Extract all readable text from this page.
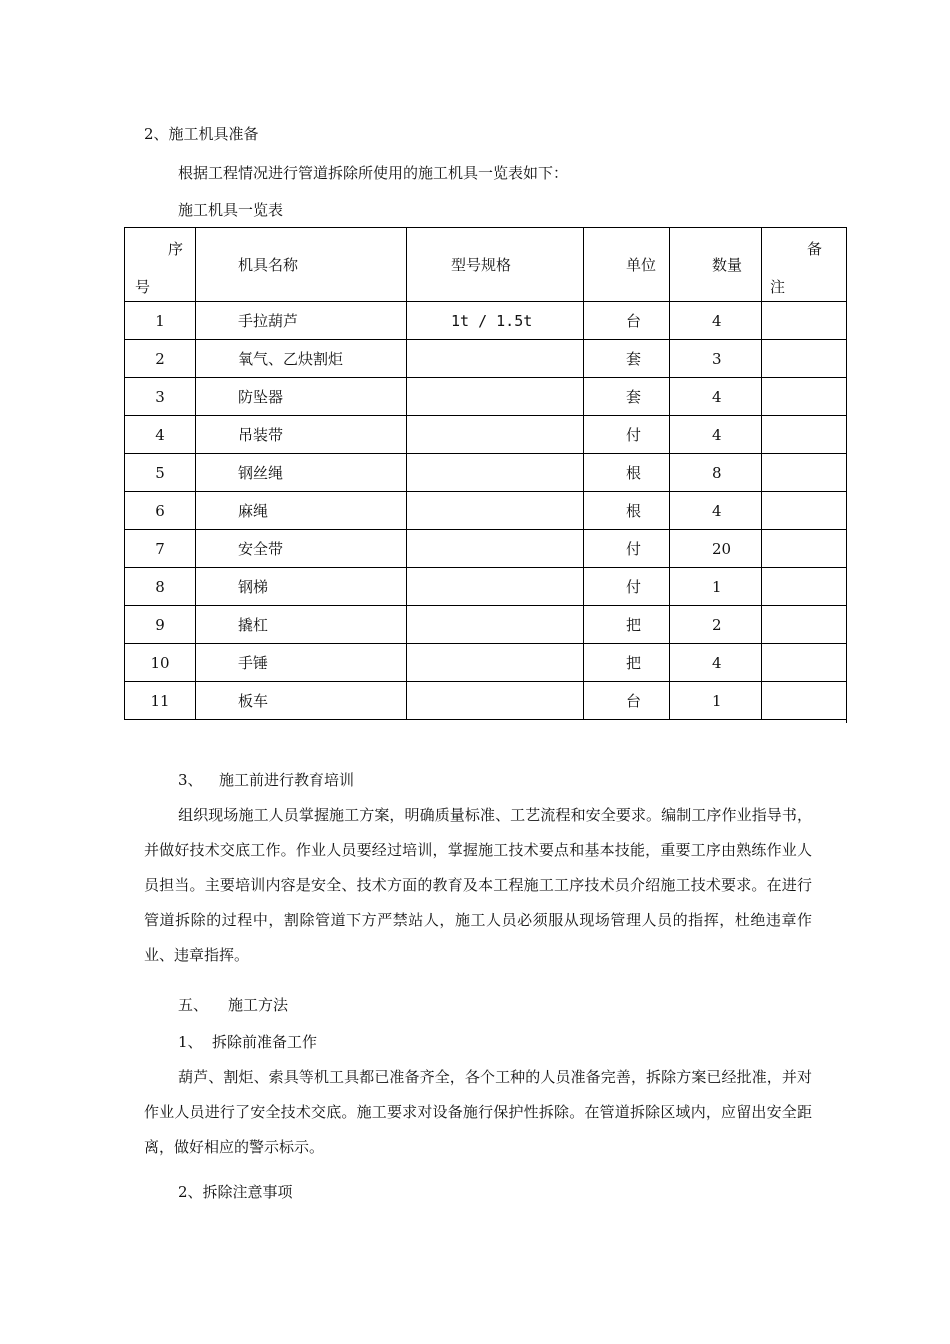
2、施工机具准备
根据工程情况进行管道拆除所使用的施工机具一览表如下：
施工机具一览表
序
号	机具名称	型号规格	单位	数量	备
注

1	手拉葫芦	1t / 1.5t	台	4	
2	氧气、乙炔割炬		套	3	
3	防坠器		套	4	
4	吊装带		付	4	
5	钢丝绳		根	8	
6	麻绳		根	4	
7	安全带		付	20	
8	钢梯		付	1	
9	撬杠		把	2	
10	手锤		把	4	
11	板车		台	1	
3、 施工前进行教育培训
组织现场施工人员掌握施工方案，明确质量标准、工艺流程和安全要求。编制工序作业指导书，并做好技术交底工作。作业人员要经过培训，掌握施工技术要点和基本技能，重要工序由熟练作业人员担当。主要培训内容是安全、技术方面的教育及本工程施工工序技术员介绍施工技术要求。在进行管道拆除的过程中，割除管道下方严禁站人，施工人员必须服从现场管理人员的指挥，杜绝违章作业、违章指挥。
五、 施工方法
1、 拆除前准备工作
葫芦、割炬、索具等机工具都已准备齐全，各个工种的人员准备完善，拆除方案已经批准，并对作业人员进行了安全技术交底。施工要求对设备施行保护性拆除。在管道拆除区域内，应留出安全距离，做好相应的警示标示。
2、拆除注意事项
